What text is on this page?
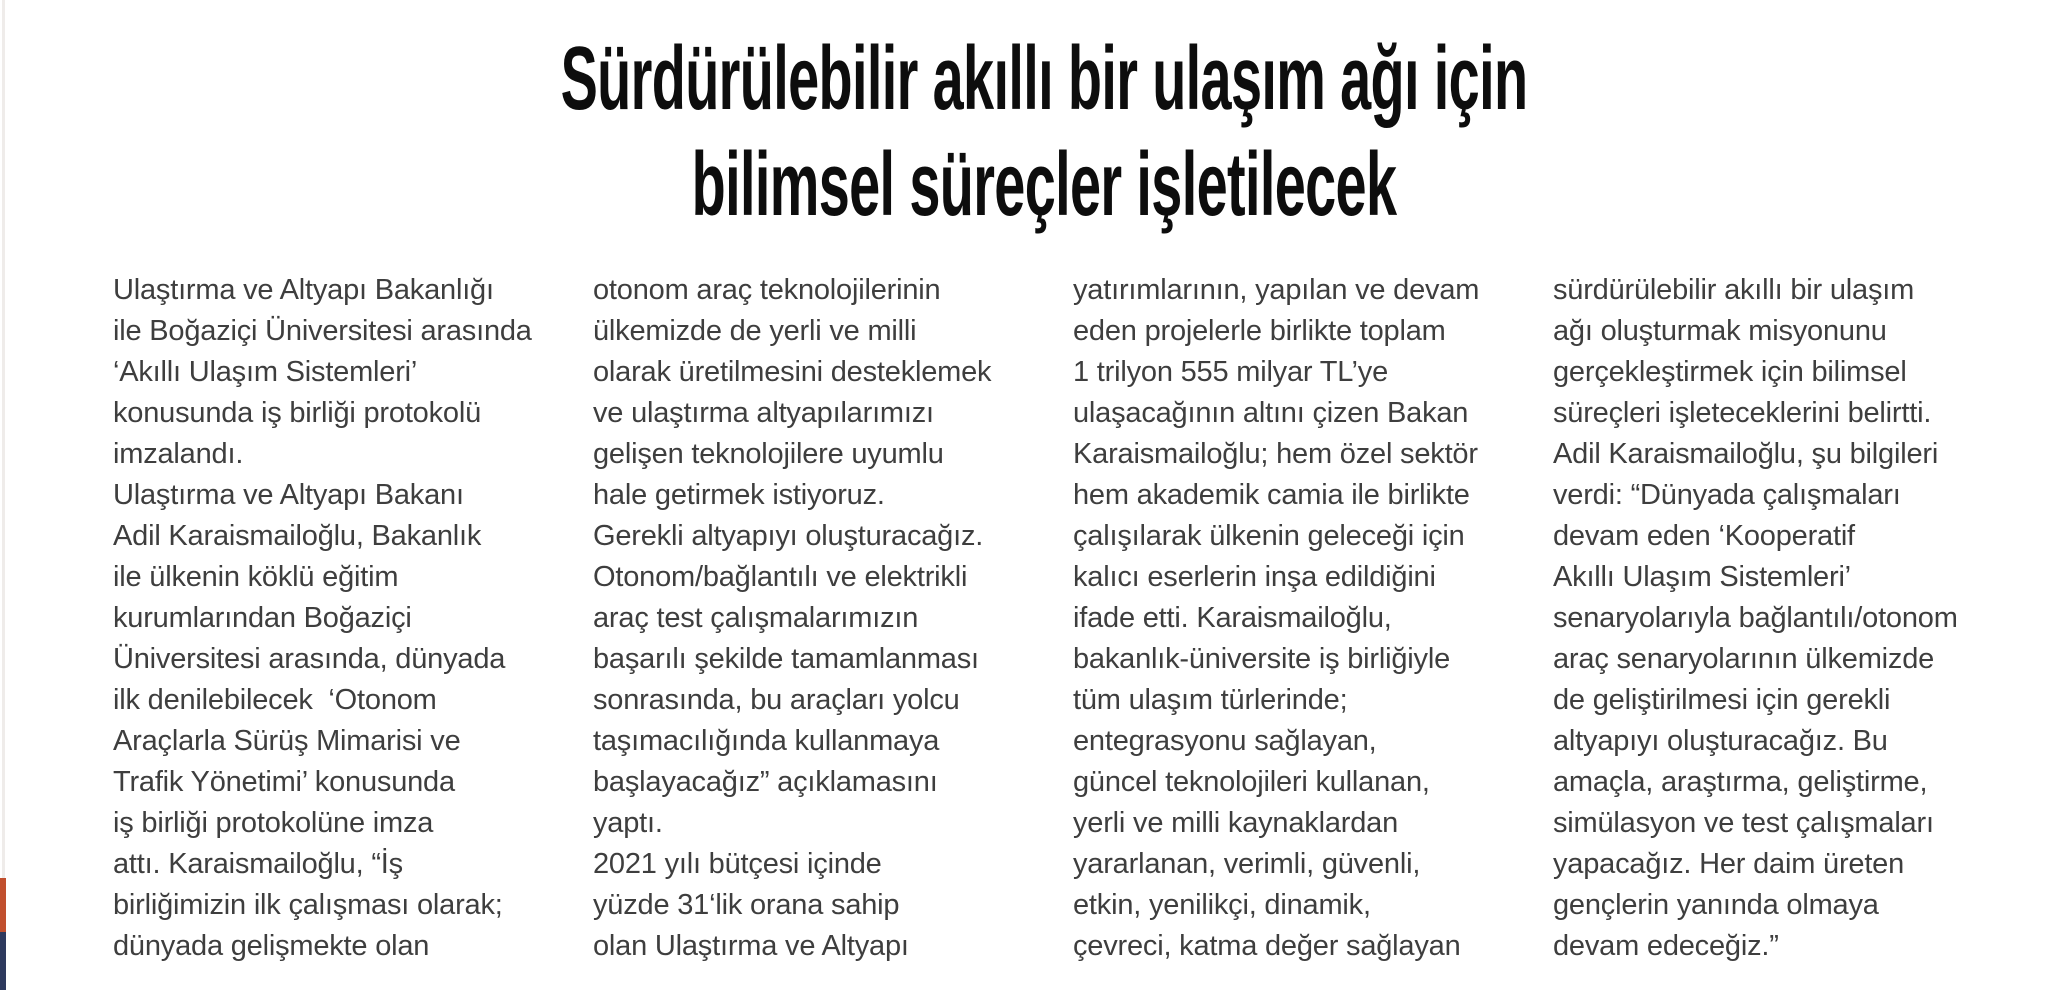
Sürdürülebilir akıllı bir ulaşım ağı için
bilimsel süreçler işletilecek
Ulaştırma ve Altyapı Bakanlığı
ile Boğaziçi Üniversitesi arasında
‘Akıllı Ulaşım Sistemleri’
konusunda iş birliği protokolü
imzalandı.
Ulaştırma ve Altyapı Bakanı
Adil Karaismailoğlu, Bakanlık
ile ülkenin köklü eğitim
kurumlarından Boğaziçi
Üniversitesi arasında, dünyada
ilk denilebilecek  ‘Otonom
Araçlarla Sürüş Mimarisi ve
Trafik Yönetimi’ konusunda
iş birliği protokolüne imza
attı. Karaismailoğlu, “İş
birliğimizin ilk çalışması olarak;
dünyada gelişmekte olan
otonom araç teknolojilerinin
ülkemizde de yerli ve milli
olarak üretilmesini desteklemek
ve ulaştırma altyapılarımızı
gelişen teknolojilere uyumlu
hale getirmek istiyoruz.
Gerekli altyapıyı oluşturacağız.
Otonom/bağlantılı ve elektrikli
araç test çalışmalarımızın
başarılı şekilde tamamlanması
sonrasında, bu araçları yolcu
taşımacılığında kullanmaya
başlayacağız” açıklamasını
yaptı.
2021 yılı bütçesi içinde
yüzde 31‘lik orana sahip
olan Ulaştırma ve Altyapı
yatırımlarının, yapılan ve devam
eden projelerle birlikte toplam
1 trilyon 555 milyar TL’ye
ulaşacağının altını çizen Bakan
Karaismailoğlu; hem özel sektör
hem akademik camia ile birlikte
çalışılarak ülkenin geleceği için
kalıcı eserlerin inşa edildiğini
ifade etti. Karaismailoğlu,
bakanlık-üniversite iş birliğiyle
tüm ulaşım türlerinde;
entegrasyonu sağlayan,
güncel teknolojileri kullanan,
yerli ve milli kaynaklardan
yararlanan, verimli, güvenli,
etkin, yenilikçi, dinamik,
çevreci, katma değer sağlayan
sürdürülebilir akıllı bir ulaşım
ağı oluşturmak misyonunu
gerçekleştirmek için bilimsel
süreçleri işleteceklerini belirtti.
Adil Karaismailoğlu, şu bilgileri
verdi: “Dünyada çalışmaları
devam eden ‘Kooperatif
Akıllı Ulaşım Sistemleri’
senaryolarıyla bağlantılı/otonom
araç senaryolarının ülkemizde
de geliştirilmesi için gerekli
altyapıyı oluşturacağız. Bu
amaçla, araştırma, geliştirme,
simülasyon ve test çalışmaları
yapacağız. Her daim üreten
gençlerin yanında olmaya
devam edeceğiz.”
